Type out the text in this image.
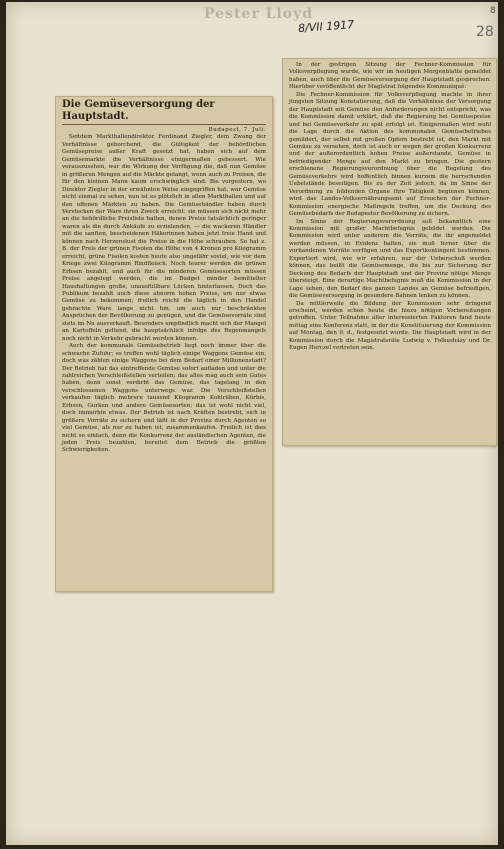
Pester Lloyd
8/VII 1917	28
8
Die Gemüseversorgung der Hauptstadt.
Budapest, 7. Juli.

Seitdem Markthallendirektor Ferdinand Ziegler, dem Zwang der Verhältnisse gehorchend, die Gültigkeit der behördlichen Gemüsepreise außer Kraft gesetzt hat, haben sich auf dem Gemüsemarkte die Verhältnisse einigermaßen gebessert. Wie vorauszusehen, war die Wirkung der Verfügung die, daß nun Gemüse in größeren Mengen auf die Märkte gelangt, wenn auch zu Preisen, die für den kleinen Mann kaum erschwinglich sind. Bis vorgestern, wo Direktor Ziegler in der erwähnten Weise eingegriffen hat, war Gemüse nicht einmal zu sehen, nun ist es plötzlich in allen Markthallen und auf den offenen Märkten zu haben. Die Gemüsehändler haben durch Verstecken der Ware ihren Zweck erreicht: sie müssen sich nicht mehr an die behördliche Preisliste halten, denen Preise tatsächlich geringer waren als die durch Ankäufe zu erzielenden, — die wackeren Händler mit die sanften, bescheidenen Häkerinnen haben jetzt freie Hand und können nach Herzenslust die Preise in die Höhe schrauben. So hat z. B. der Preis der grünen Fisolen die Höhe von 4 Kronen pro Kilogramm erreicht, grüne Fisolen kosten heute also ungefähr soviel, wie vor dem Kriege zwei Kilogramm Rindfleisch. Noch teurer werden die grünen Erbsen bezahlt, und auch für die minderen Gemüsesorten müssen Preise angelegt werden, die im Budget minder bemittelter Haushaltungen große, unausfüllbare Lücken hinterlassen. Doch das Publikum bezahlt auch diese abnorm hohen Preise, um nur etwas Gemüse zu bekommen; freilich reicht die täglich in den Handel gebrachte Ware lange nicht hin, um auch nur beschränkten Ansprüchen der Bevölkerung zu genügen, und die Gemüsevorräte sind stets im Nu ausverkauft. Besonders empfindlich macht sich der Mangel an Kartoffeln geltend, die hauptsächlich infolge des Regenmangels noch nicht in Verkehr gebracht werden können.

Auch der kommunale Gemüsebetrieb liegt noch immer über die schwache Zufuhr; es treffen wohl täglich einige Waggons Gemüse ein, doch was zählen einige Waggons bei dem Bedarf einer Millionenstadt? Der Betrieb hat das eintreffende Gemüse sofort aufladen und unter die zahlreichen Verschleißstellen verteilen; das alles mag auch sein Gutes haben, denn sonst verdirbt das Gemüse, das tagelang in den verschlossenen Waggons unterwegs war. Die Verschleißstellen verkaufen täglich mehrere tausend Kilogramm Kohlrüben, Kürbis, Erbsen, Gurken und andere Gemüsesorten; das ist wohl nicht viel, doch immerhin etwas. Der Betrieb ist nach Kräften bestrebt, sich in größere Vorräte zu sichern und läßt in der Provinz durch Agenten so viel Gemüse, als nur zu haben ist, zusammenkaufen. Freilich ist dies nicht so einfach, denn die Konkurrenz der ausländischen Agenten, die jeden Preis bezahlen, bereitet dem Betrieb die größten Schwierigkeiten.

In der gestrigen Sitzung der Fechner-Kommission für Volksverpflegung wurde, wie wir im heutigen Morgenblatte gemeldet haben, auch über die Gemüseversorgung der Hauptstadt gesprochen. Hierüber veröffentlicht der Magistrat folgendes Kommuniqué:

Die Fechner-Kommission für Volksverpflegung machte in ihrer jüngsten Sitzung Konstatierung, daß die Verhältnisse der Versorgung der Hauptstadt mit Gemüse den Anforderungen nicht entspricht, was die Kommission damit erklärt, daß die Regierung bei Gemüsepreise und bei Gemüseverkehr zu spät erfolgt ist. Einigermaßen wird wohl die Lage durch die Aktion des kommunalen Gemüsebetriebes gemildert, der selbst mit großen Opfern bestrebt ist, den Markt mit Gemüse zu versehen, doch ist auch er wegen der großen Konkurrenz und der außerordentlich hohen Preise außerstande, Gemüse in befriedigender Menge auf den Markt zu bringen. Die gestern erschienene Regierungsverordnung über die Regelung des Gemüseverkehrs wird hoffentlich binnen kurzem die herrschenden Uebelstände beseitigen. Bis zu der Zeit jedoch, da im Sinne der Verordnung zu bildenden Organe ihre Tätigkeit beginnen können, wird das Landes-Volksernährungsamt auf Ersuchen der Fechner-Kommission energische Maßregeln treffen, um die Deckung des Gemüsebedarfs der Budapester Bevölkerung zu sichern.

Im Sinne der Regierungsverordnung soll bekanntlich eine Kommission mit großer Machtbefugnis gebildet werden. Die Kommission wird unter anderem die Vorräte, die ihr angemeldet werden müssen, in Evidenz halten, sie muß ferner über die vorhandenen Vorräte verfügen und das Exportkontingent bestimmen. Exportiert wird, wie wir erfahren, nur der Ueberschuß werden können, das heißt die Gemüsemenge, die bis zur Sicherung der Deckung des Bedarfs der Hauptstadt und der Provinz nötige Menge übersteigt. Eine derartige Machtbefugnis muß die Kommission in der Lage sehen, den Bedarf des ganzen Landes an Gemüse befriedigen, die Gemüseversorgung in gesundere Bahnen lenken zu können.

Da mittlerweile die Bildung der Kommission sehr dringend erscheint, werden schon heute die hiezu nötigen Vorbereitungen getroffen. Unter Teilnahme aller interessierten Faktoren fand heute mittag eine Konferenz statt, in der die Konstituierung der Kommission auf Montag, den 9. d., festgesetzt wurde. Die Hauptstadt wird in der Kommission durch die Magistratsräte Ludwig v. Folkusházy und Dr. Eugen Herczel vertreten sein.
